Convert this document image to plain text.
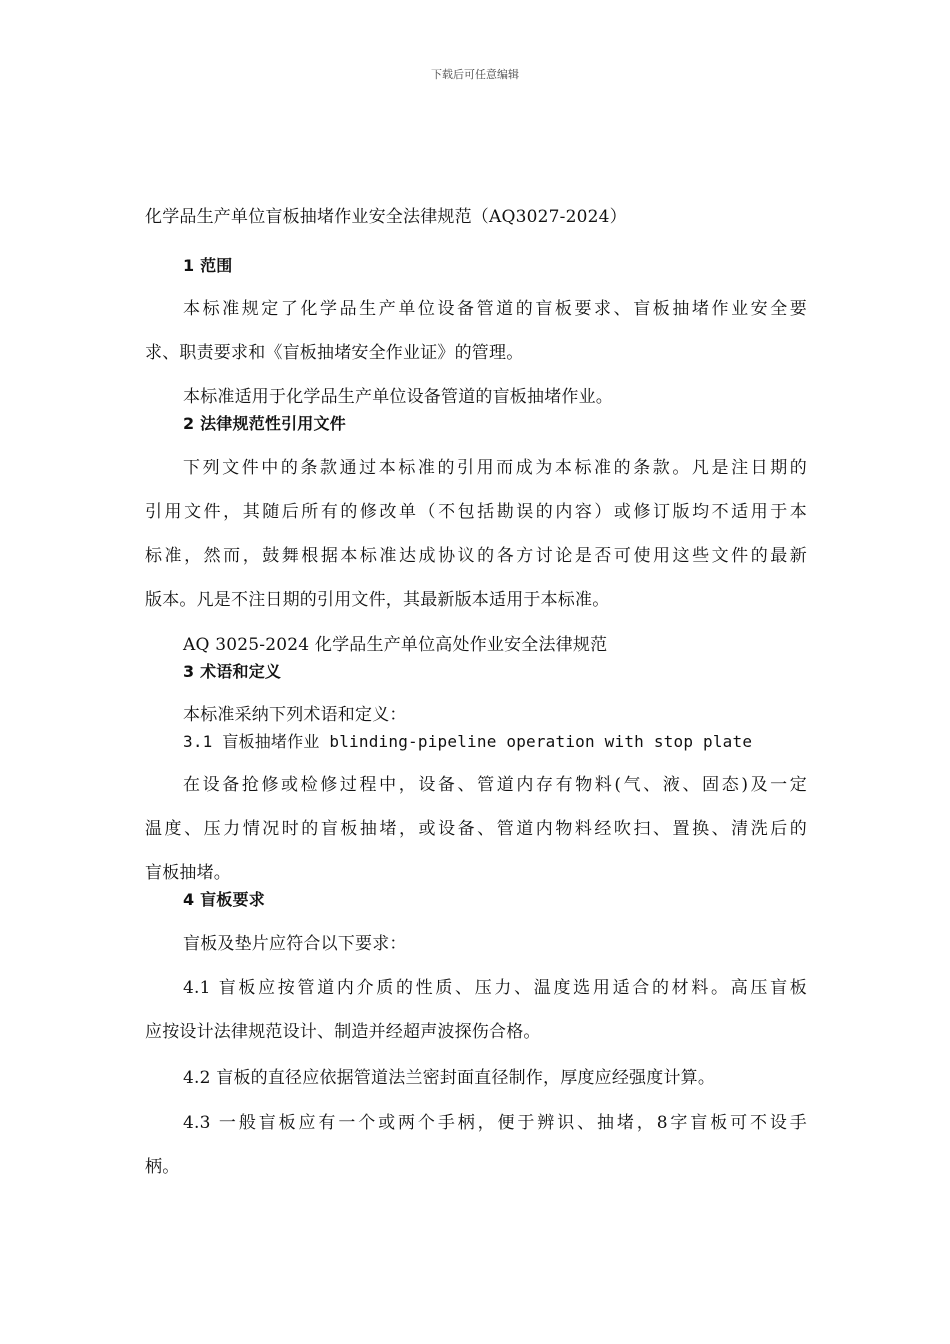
下载后可任意编辑
化学品生产单位盲板抽堵作业安全法律规范（AQ3027-2024）
1 范围
本标准规定了化学品生产单位设备管道的盲板要求、盲板抽堵作业安全要
求、职责要求和《盲板抽堵安全作业证》的管理。
本标准适用于化学品生产单位设备管道的盲板抽堵作业。
2 法律规范性引用文件
下列文件中的条款通过本标准的引用而成为本标准的条款。凡是注日期的
引用文件，其随后所有的修改单（不包括勘误的内容）或修订版均不适用于本
标准，然而，鼓舞根据本标准达成协议的各方讨论是否可使用这些文件的最新
版本。凡是不注日期的引用文件，其最新版本适用于本标准。
AQ 3025-2024 化学品生产单位高处作业安全法律规范
3 术语和定义
本标准采纳下列术语和定义：
3.1 盲板抽堵作业 blinding-pipeline operation with stop plate
在设备抢修或检修过程中，设备、管道内存有物料(气、液、固态)及一定
温度、压力情况时的盲板抽堵，或设备、管道内物料经吹扫、置换、清洗后的
盲板抽堵。
4 盲板要求
盲板及垫片应符合以下要求：
4.1 盲板应按管道内介质的性质、压力、温度选用适合的材料。高压盲板
应按设计法律规范设计、制造并经超声波探伤合格。
4.2 盲板的直径应依据管道法兰密封面直径制作，厚度应经强度计算。
4.3 一般盲板应有一个或两个手柄，便于辨识、抽堵，8字盲板可不设手
柄。
